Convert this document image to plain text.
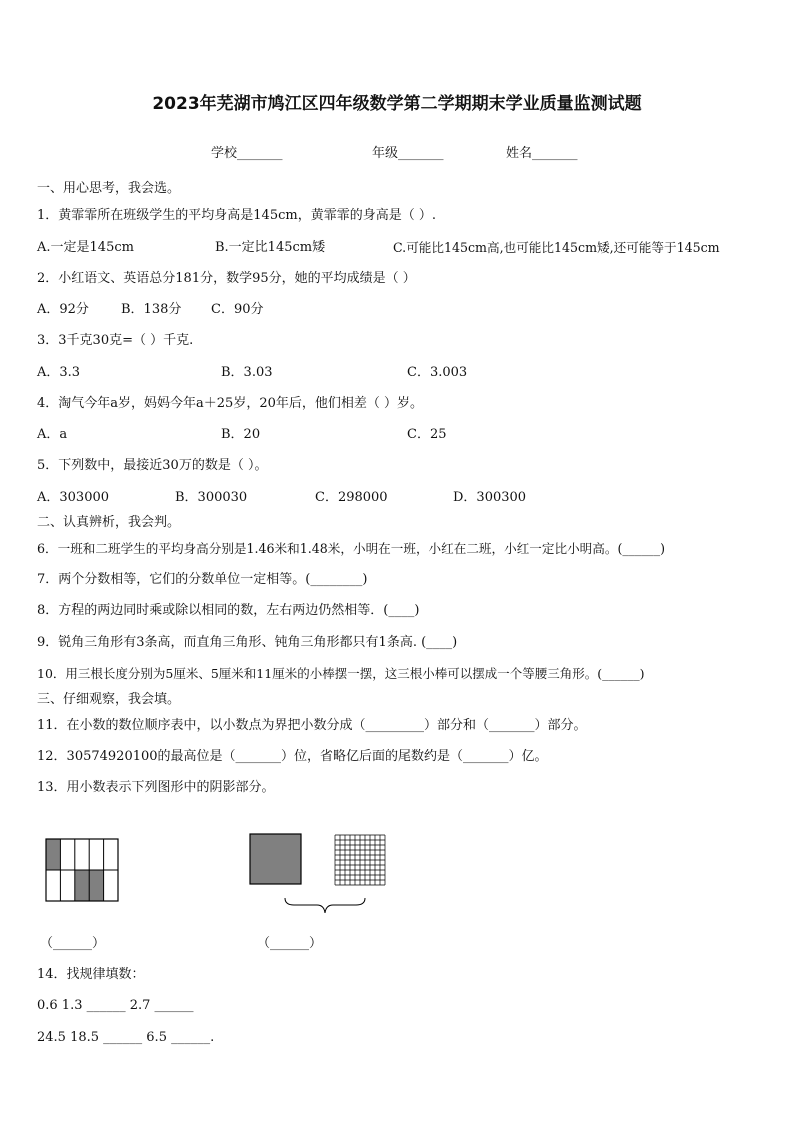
2023年芜湖市鸠江区四年级数学第二学期期末学业质量监测试题
学校_______	年级_______	姓名_______
一、用心思考，我会选。
1．黄霏霏所在班级学生的平均身高是145cm，黄霏霏的身高是（ ）.
A.一定是145cm	B.一定比145cm矮	C.可能比145cm高,也可能比145cm矮,还可能等于145cm
2．小红语文、英语总分181分，数学95分，她的平均成绩是（ ）
A．92分 B．138分 C．90分
3．3千克30克=（ ）千克.
A．3.3	B．3.03	C．3.003
4．淘气今年a岁，妈妈今年a＋25岁，20年后，他们相差（ ）岁。
A．a	B．20	C．25
5．下列数中，最接近30万的数是（ ）。
A．303000	B．300030	C．298000	D．300300
二、认真辨析，我会判。
6．一班和二班学生的平均身高分别是1.46米和1.48米，小明在一班，小红在二班，小红一定比小明高。(______)
7．两个分数相等，它们的分数单位一定相等。(________)
8．方程的两边同时乘或除以相同的数，左右两边仍然相等．(____)
9．锐角三角形有3条高，而直角三角形、钝角三角形都只有1条高. (____)
10．用三根长度分别为5厘米、5厘米和11厘米的小棒摆一摆，这三根小棒可以摆成一个等腰三角形。(______)
三、仔细观察，我会填。
11．在小数的数位顺序表中，以小数点为界把小数分成（_________）部分和（_______）部分。
12．30574920100的最高位是（_______）位，省略亿后面的尾数约是（_______）亿。
13．用小数表示下列图形中的阴影部分。
（______）	（______）
14．找规律填数：
0.6 1.3 ______ 2.7 ______
24.5 18.5 ______ 6.5 ______.
